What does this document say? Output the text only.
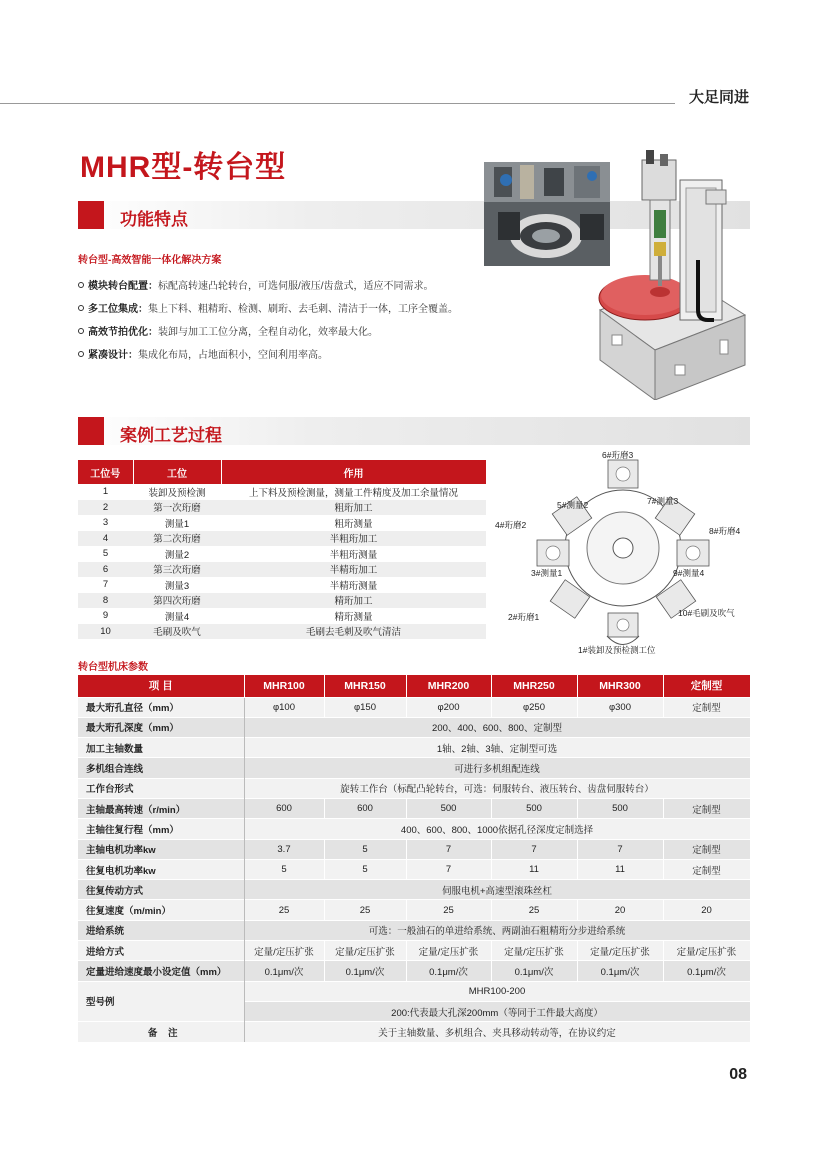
大足同进
MHR型-转台型
功能特点
转台型-高效智能一体化解决方案
模块转台配置：标配高转速凸轮转台，可选伺服/液压/齿盘式，适应不同需求。
多工位集成：集上下料、粗精珩、检测、刷珩、去毛刺、清洁于一体，工序全覆盖。
高效节拍优化：装卸与加工工位分离，全程自动化，效率最大化。
紧凑设计：集成化布局，占地面积小，空间利用率高。
案例工艺过程
工位号	工位	作用
1	装卸及预检测	上下料及预检测量，测量工件精度及加工余量情况
2	第一次珩磨	粗珩加工
3	测量1	粗珩测量
4	第二次珩磨	半粗珩加工
5	测量2	半粗珩测量
6	第三次珩磨	半精珩加工
7	测量3	半精珩测量
8	第四次珩磨	精珩加工
9	测量4	精珩测量
10	毛刷及吹气	毛刷去毛刺及吹气清洁
6#珩磨3
5#测量2	7#测量3
4#珩磨2
8#珩磨4
3#测量1	9#测量4
2#珩磨1	10#毛刷及吹气
1#装卸及预检测工位
转台型机床参数
项 目	MHR100	MHR150	MHR200	MHR250	MHR300	定制型
最大珩孔直径（mm）	φ100	φ150	φ200	φ250	φ300	定制型
最大珩孔深度（mm）	200、400、600、800、定制型					
加工主轴数量	1轴、2轴、3轴、定制型可选					
多机组合连线	可进行多机组配连线					
工作台形式	旋转工作台（标配凸轮转台，可选：伺服转台、液压转台、齿盘伺服转台）					
主轴最高转速（r/min）	600	600	500	500	500	定制型
主轴往复行程（mm）	400、600、800、1000依据孔径深度定制选择					
主轴电机功率kw	3.7	5	7	7	7	定制型
往复电机功率kw	5	5	7	11	11	定制型
往复传动方式	伺服电机+高速型滚珠丝杠					
往复速度（m/min）	25	25	25	25	20	20
进给系统	可选：一般油石的单进给系统、两副油石粗精珩分步进给系统					
进给方式	定量/定压扩张	定量/定压扩张	定量/定压扩张	定量/定压扩张	定量/定压扩张	定量/定压扩张
定量进给速度最小设定值（mm）	0.1μm/次	0.1μm/次	0.1μm/次	0.1μm/次	0.1μm/次	0.1μm/次
型号例	MHR100-200					
	200:代表最大孔深200mm（等同于工件最大高度）					
备 注	关于主轴数量、多机组合、夹具移动转动等，在协议约定					
08
